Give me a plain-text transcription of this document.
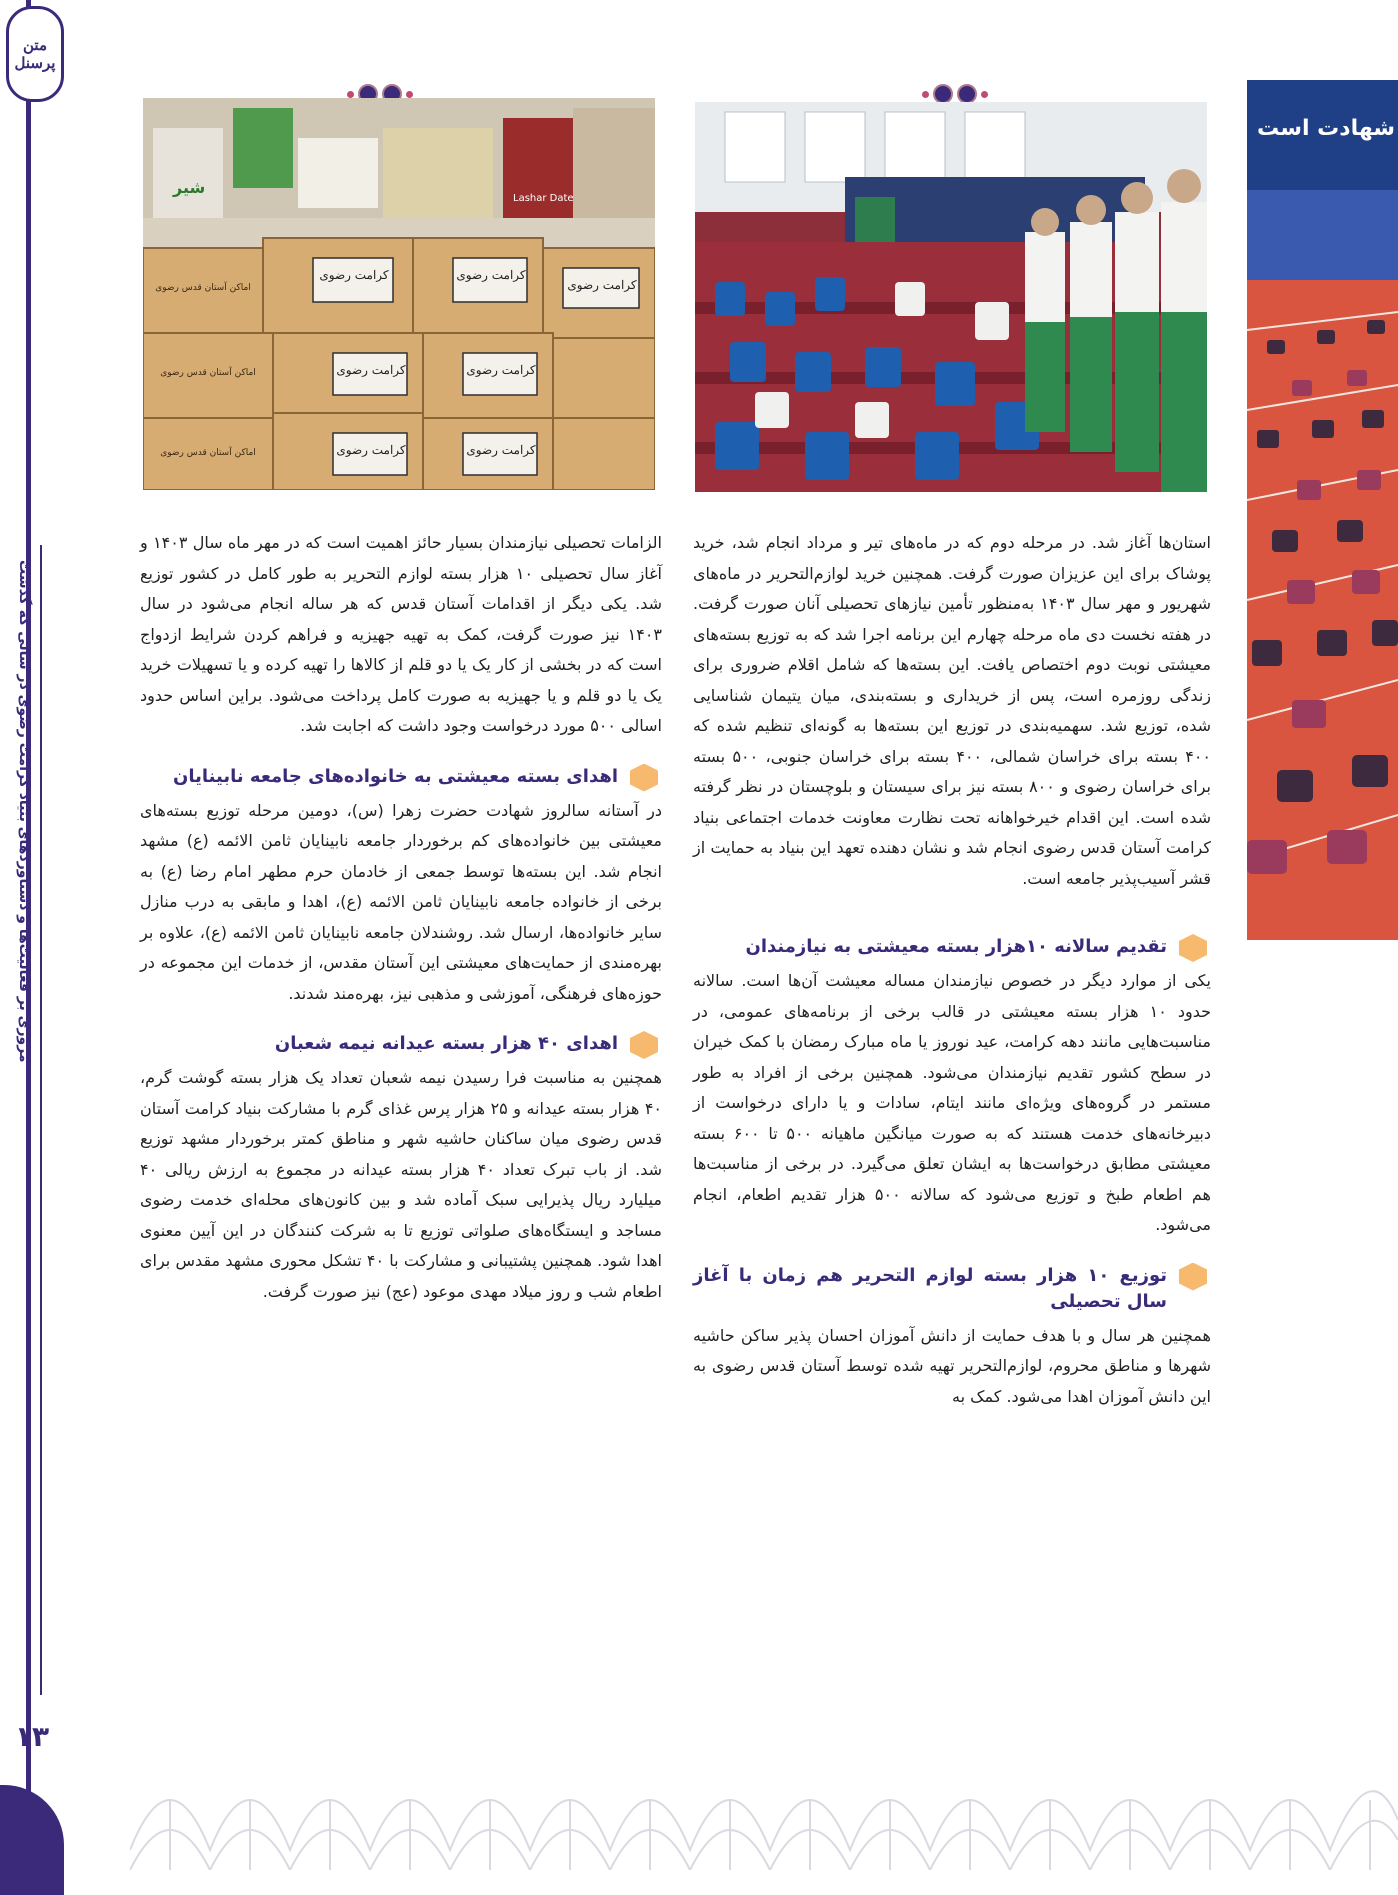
متن پرسنل
مروری بر فعالیت‌ها و دستاوردهای بنیاد کرامت رضوی در سالی که گذشت
۱۳
کرامت رضوی	کرامت رضوی
کرامت رضوی
کرامت رضوی	کرامت رضوی
کرامت رضوی	کرامت رضوی
شیر
Lashar Date
اماکن آستان قدس رضوی
اماکن آستان قدس رضوی
اماکن آستان قدس رضوی
شهادت است

استان‌ها آغاز شد. در مرحله دوم که در ماه‌های تیر و مرداد انجام شد، خرید پوشاک برای این عزیزان صورت گرفت. همچنین خرید لوازم‌التحریر در ماه‌های شهریور و مهر سال ۱۴۰۳ به‌منظور تأمین نیازهای تحصیلی آنان صورت گرفت. در هفته نخست دی ماه مرحله چهارم این برنامه اجرا شد که به توزیع بسته‌های معیشتی نوبت دوم اختصاص یافت. این بسته‌ها که شامل اقلام ضروری برای زندگی روزمره است، پس از خریداری و بسته‌بندی، میان یتیمان شناسایی شده، توزیع شد. سهمیه‌بندی در توزیع این بسته‌ها به گونه‌ای تنظیم شده که ۴۰۰ بسته برای خراسان شمالی، ۴۰۰ بسته برای خراسان جنوبی، ۵۰۰ بسته برای خراسان رضوی و ۸۰۰ بسته نیز برای سیستان و بلوچستان در نظر گرفته شده است. این اقدام خیرخواهانه تحت نظارت معاونت خدمات اجتماعی بنیاد کرامت آستان قدس رضوی انجام شد و نشان دهنده تعهد این بنیاد به حمایت از قشر آسیب‌پذیر جامعه است.

تقدیم سالانه ۱۰هزار بسته معیشتی به نیازمندان

یکی از موارد دیگر در خصوص نیازمندان مساله معیشت آن‌ها است. سالانه حدود ۱۰ هزار بسته معیشتی در قالب برخی از برنامه‌های عمومی، در مناسبت‌هایی مانند دهه کرامت، عید نوروز یا ماه مبارک رمضان با کمک خیران در سطح کشور تقدیم نیازمندان می‌شود. همچنین برخی از افراد به طور مستمر در گروه‌های ویژه‌ای مانند ایتام، سادات و یا دارای درخواست از دبیرخانه‌های خدمت هستند که به صورت میانگین ماهیانه ۵۰۰ تا ۶۰۰ بسته معیشتی مطابق درخواست‌ها به ایشان تعلق می‌گیرد. در برخی از مناسبت‌ها هم اطعام طبخ و توزیع می‌شود که سالانه ۵۰۰ هزار تقدیم اطعام، انجام می‌شود.

توزیع ۱۰ هزار بسته لوازم التحریر هم زمان با آغاز سال تحصیلی

همچنین هر سال و با هدف حمایت از دانش آموزان احسان پذیر ساکن حاشیه شهرها و مناطق محروم، لوازم‌التحریر تهیه شده توسط آستان قدس رضوی به این دانش آموزان اهدا می‌شود. کمک به

الزامات تحصیلی نیازمندان بسیار حائز اهمیت است که در مهر ماه سال ۱۴۰۳ و آغاز سال تحصیلی ۱۰ هزار بسته لوازم التحریر به طور کامل در کشور توزیع شد. یکی دیگر از اقدامات آستان قدس که هر ساله انجام می‌شود در سال ۱۴۰۳ نیز صورت گرفت، کمک به تهیه جهیزیه و فراهم کردن شرایط ازدواج است که در بخشی از کار یک یا دو قلم از کالاها را تهیه کرده و یا تسهیلات خرید یک یا دو قلم و یا جهیزیه به صورت کامل پرداخت می‌شود. براین اساس حدود اسالی ۵۰۰ مورد درخواست وجود داشت که اجابت شد.

اهدای بسته معیشتی به خانواده‌های جامعه نابینایان

در آستانه سالروز شهادت حضرت زهرا (س)، دومین مرحله توزیع بسته‌های معیشتی بین خانواده‌های کم برخوردار جامعه نابینایان ثامن الائمه (ع) مشهد انجام شد. این بسته‌ها توسط جمعی از خادمان حرم مطهر امام رضا (ع) به برخی از خانواده جامعه نابینایان ثامن الائمه (ع)، اهدا و مابقی به درب منازل سایر خانواده‌ها، ارسال شد. روشندلان جامعه نابینایان ثامن الائمه (ع)، علاوه بر بهره‌مندی از حمایت‌های معیشتی این آستان مقدس، از خدمات این مجموعه در حوزه‌های فرهنگی، آموزشی و مذهبی نیز، بهره‌مند شدند.

اهدای ۴۰ هزار بسته عیدانه نیمه شعبان

همچنین به مناسبت فرا رسیدن نیمه شعبان تعداد یک هزار بسته گوشت گرم، ۴۰ هزار بسته عیدانه و ۲۵ هزار پرس غذای گرم با مشارکت بنیاد کرامت آستان قدس رضوی میان ساکنان حاشیه شهر و مناطق کمتر برخوردار مشهد توزیع شد. از باب تبرک تعداد ۴۰ هزار بسته عیدانه در مجموع به ارزش ریالی ۴۰ میلیارد ریال پذیرایی سبک آماده شد و بین کانون‌های محله‌ای خدمت رضوی مساجد و ایستگاه‌های صلواتی توزیع تا به شرکت کنندگان در این آیین معنوی اهدا شود. همچنین پشتیبانی و مشارکت با ۴۰ تشکل محوری مشهد مقدس برای اطعام شب و روز میلاد مهدی موعود (عج) نیز صورت گرفت.
